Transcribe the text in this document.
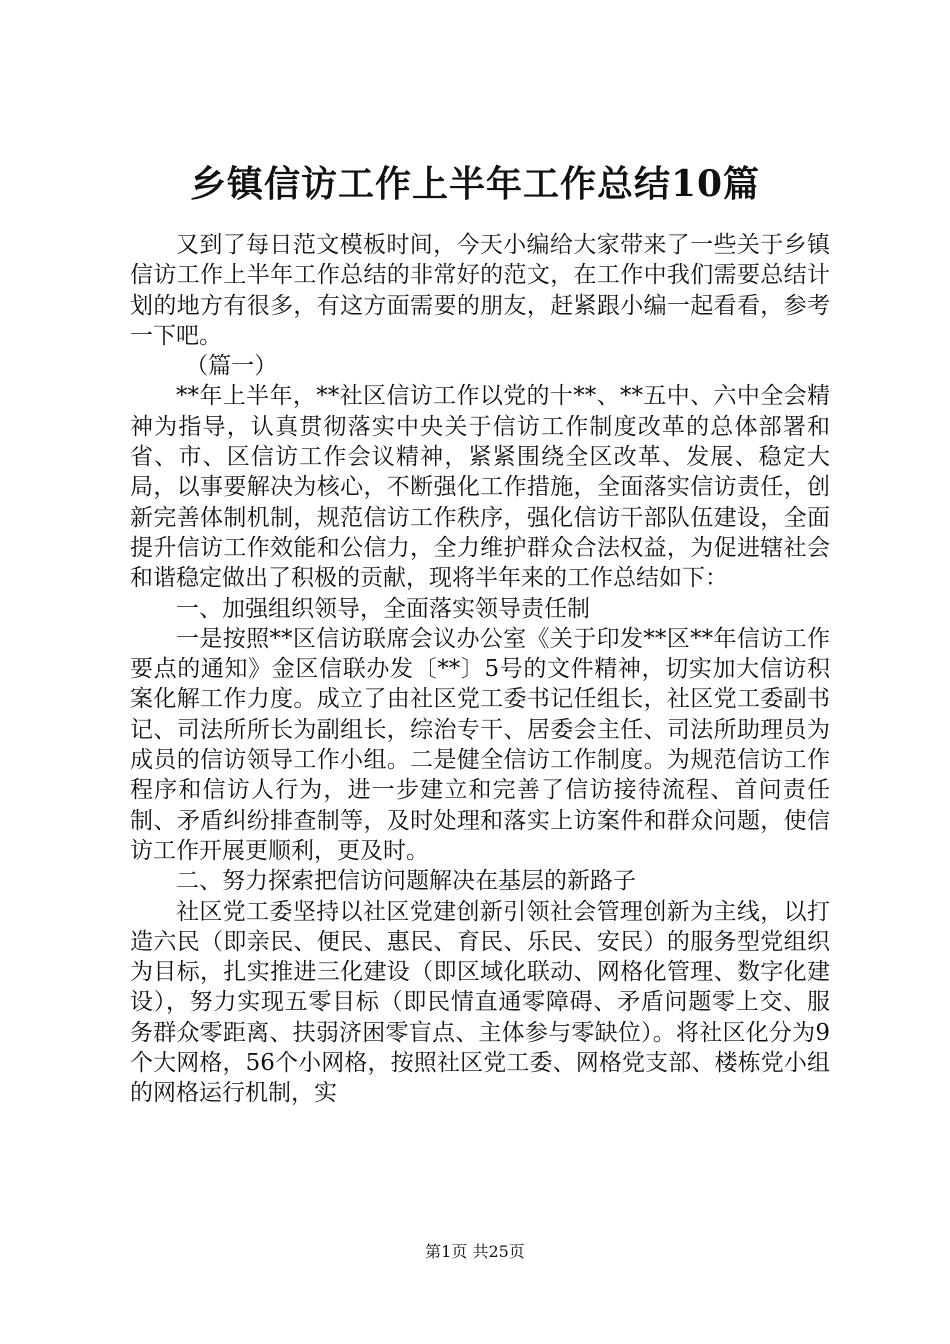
乡镇信访工作上半年工作总结10篇

又到了每日范文模板时间，今天小编给大家带来了一些关于乡镇信访工作上半年工作总结的非常好的范文，在工作中我们需要总结计划的地方有很多，有这方面需要的朋友，赶紧跟小编一起看看，参考一下吧。

（篇一）

**年上半年，**社区信访工作以党的十**、**五中、六中全会精神为指导，认真贯彻落实中央关于信访工作制度改革的总体部署和省、市、区信访工作会议精神，紧紧围绕全区改革、发展、稳定大局，以事要解决为核心，不断强化工作措施，全面落实信访责任，创新完善体制机制，规范信访工作秩序，强化信访干部队伍建设，全面提升信访工作效能和公信力，全力维护群众合法权益，为促进辖社会和谐稳定做出了积极的贡献，现将半年来的工作总结如下：

一、加强组织领导，全面落实领导责任制

一是按照**区信访联席会议办公室《关于印发**区**年信访工作要点的通知》金区信联办发〔**〕5号的文件精神，切实加大信访积案化解工作力度。成立了由社区党工委书记任组长，社区党工委副书记、司法所所长为副组长，综治专干、居委会主任、司法所助理员为成员的信访领导工作小组。二是健全信访工作制度。为规范信访工作程序和信访人行为，进一步建立和完善了信访接待流程、首问责任制、矛盾纠纷排查制等，及时处理和落实上访案件和群众问题，使信访工作开展更顺利，更及时。

二、努力探索把信访问题解决在基层的新路子

社区党工委坚持以社区党建创新引领社会管理创新为主线，以打造六民（即亲民、便民、惠民、育民、乐民、安民）的服务型党组织为目标，扎实推进三化建设（即区域化联动、网格化管理、数字化建设），努力实现五零目标（即民情直通零障碍、矛盾问题零上交、服务群众零距离、扶弱济困零盲点、主体参与零缺位）。将社区化分为9个大网格，56个小网格，按照社区党工委、网格党支部、楼栋党小组的网格运行机制，实

第1页 共25页
